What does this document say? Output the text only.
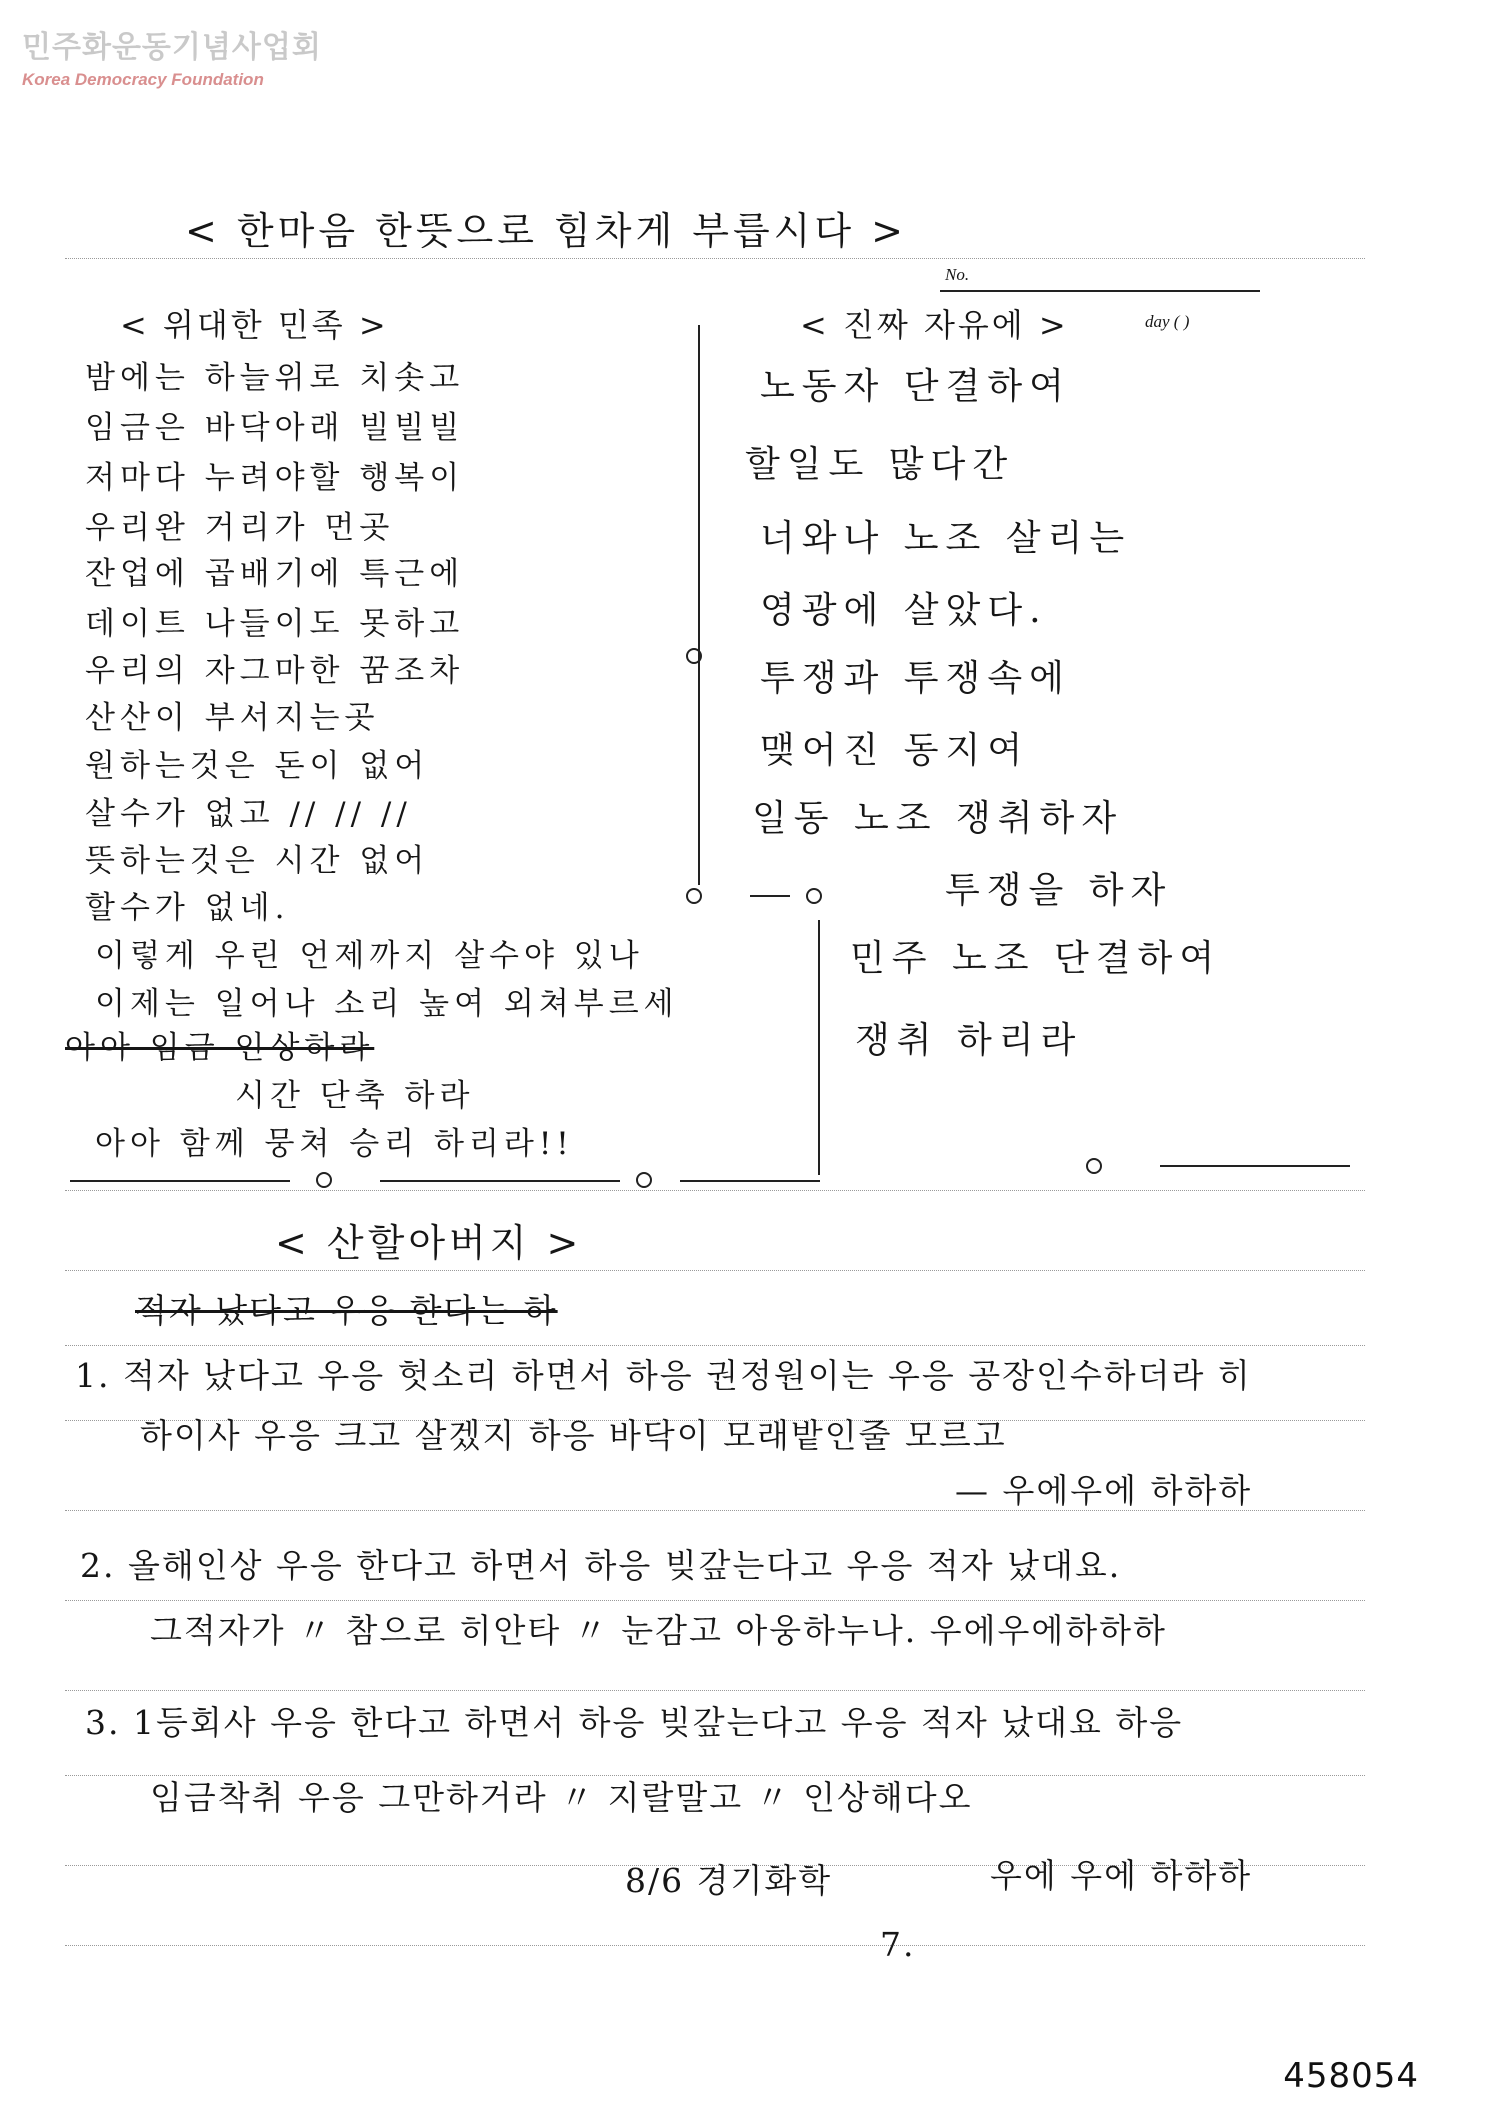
민주화운동기념사업회
Korea Democracy Foundation
< 한마음 한뜻으로 힘차게 부릅시다 >
No.
day ( )
< 위대한 민족 >
밤에는 하늘위로 치솟고
임금은 바닥아래 빌빌빌
저마다 누려야할 행복이
우리완 거리가 먼곳
잔업에 곱배기에 특근에
데이트 나들이도 못하고
우리의 자그마한 꿈조차
산산이 부서지는곳
원하는것은 돈이 없어
살수가 없고 // // //
뜻하는것은 시간 없어
할수가 없네.
이렇게 우린 언제까지 살수야 있나
이제는 일어나 소리 높여 외쳐부르세
아아 임금 인상하라
시간 단축 하라
아아 함께 뭉쳐 승리 하리라!!
< 진짜 자유에 >
노동자 단결하여
할일도 많다간
너와나 노조 살리는
영광에 살았다.
투쟁과 투쟁속에
맺어진 동지여
일동 노조 쟁취하자
투쟁을 하자
민주 노조 단결하여
쟁취 하리라
< 산할아버지 >
적자 났다고 우응 한다는 하
1. 적자 났다고 우응 헛소리 하면서 하응 권정원이는 우응 공장인수하더라 히
하이사 우응 크고 살겠지 하응 바닥이 모래밭인줄 모르고
— 우에우에 하하하
2. 올해인상 우응 한다고 하면서 하응 빚갚는다고 우응 적자 났대요.
그적자가 〃 참으로 히안타 〃 눈감고 아웅하누나. 우에우에하하하
3. 1등회사 우응 한다고 하면서 하응 빚갚는다고 우응 적자 났대요 하응
임금착취 우응 그만하거라 〃 지랄말고 〃 인상해다오
8/6 경기화학	우에 우에 하하하
7.
458054
